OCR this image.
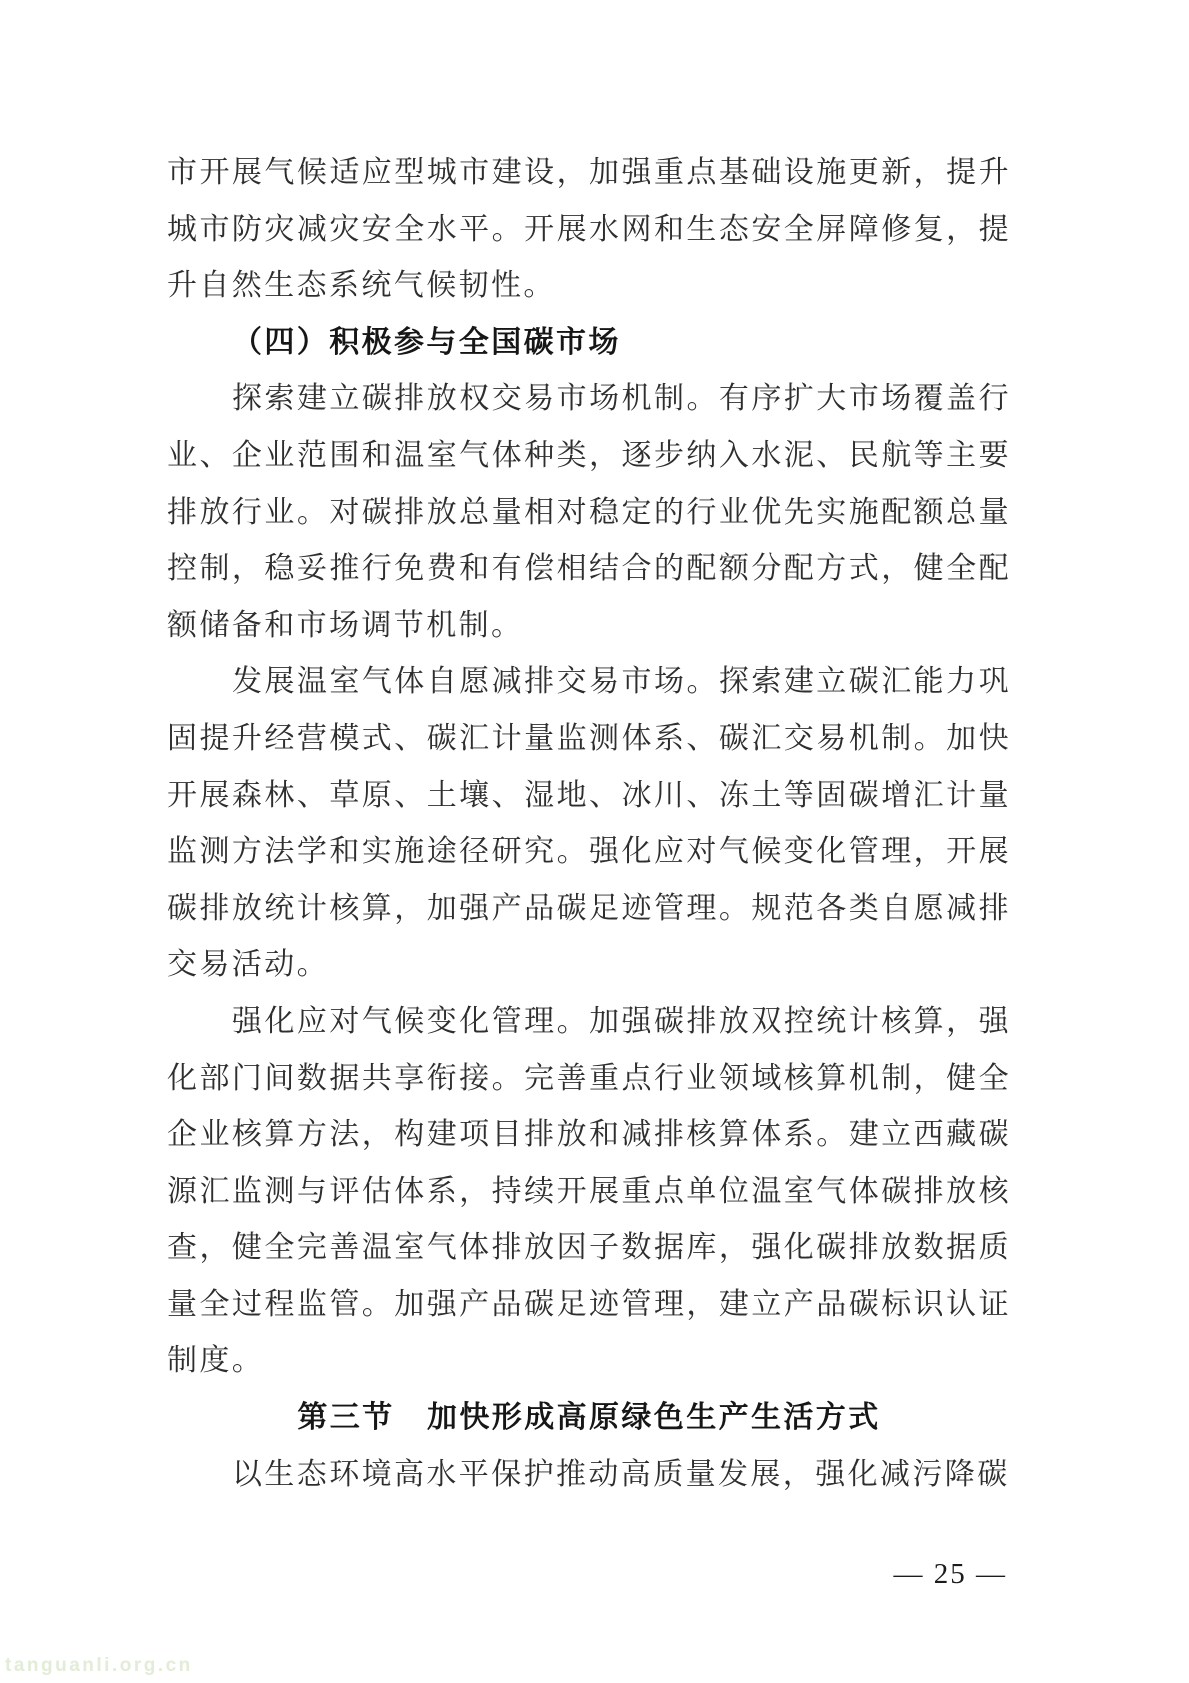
市开展气候适应型城市建设，加强重点基础设施更新，提升城市防灾减灾安全水平。开展水网和生态安全屏障修复，提升自然生态系统气候韧性。

（四）积极参与全国碳市场

探索建立碳排放权交易市场机制。有序扩大市场覆盖行业、企业范围和温室气体种类，逐步纳入水泥、民航等主要排放行业。对碳排放总量相对稳定的行业优先实施配额总量控制，稳妥推行免费和有偿相结合的配额分配方式，健全配额储备和市场调节机制。

发展温室气体自愿减排交易市场。探索建立碳汇能力巩固提升经营模式、碳汇计量监测体系、碳汇交易机制。加快开展森林、草原、土壤、湿地、冰川、冻土等固碳增汇计量监测方法学和实施途径研究。强化应对气候变化管理，开展碳排放统计核算，加强产品碳足迹管理。规范各类自愿减排交易活动。

强化应对气候变化管理。加强碳排放双控统计核算，强化部门间数据共享衔接。完善重点行业领域核算机制，健全企业核算方法，构建项目排放和减排核算体系。建立西藏碳源汇监测与评估体系，持续开展重点单位温室气体碳排放核查，健全完善温室气体排放因子数据库，强化碳排放数据质量全过程监管。加强产品碳足迹管理，建立产品碳标识认证制度。

第三节　加快形成高原绿色生产生活方式

以生态环境高水平保护推动高质量发展，强化减污降碳

— 25 —
tanguanli.org.cn
